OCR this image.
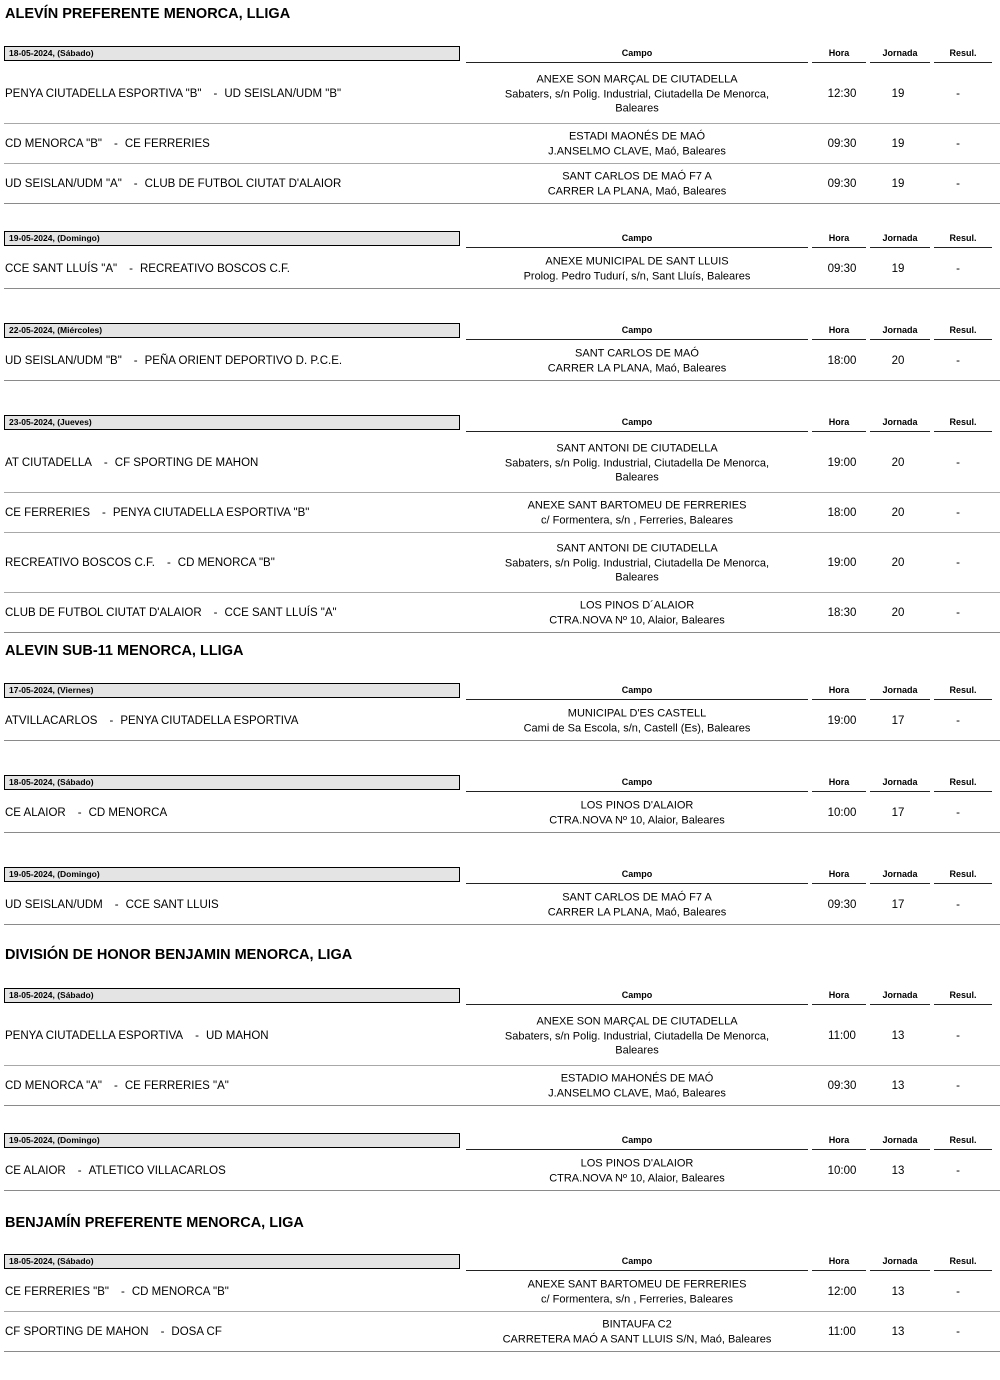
ALEVÍN PREFERENTE MENORCA, LLIGA
18-05-2024, (Sábado)	Campo	Hora	Jornada	Resul.
PENYA CIUTADELLA ESPORTIVA "B" - UD SEISLAN/UDM "B"
ANEXE SON MARÇAL DE CIUTADELLA
Sabaters, s/n Polig. Industrial, Ciutadella De Menorca,
Baleares
12:30	19	-
CD MENORCA "B" - CE FERRERIES
ESTADI MAONÉS DE MAÓ
J.ANSELMO CLAVE, Maó, Baleares
09:30	19	-
UD SEISLAN/UDM "A" - CLUB DE FUTBOL CIUTAT D'ALAIOR
SANT CARLOS DE MAÓ F7 A
CARRER LA PLANA, Maó, Baleares
09:30	19	-
19-05-2024, (Domingo)	Campo	Hora	Jornada	Resul.
CCE SANT LLUÍS "A" - RECREATIVO BOSCOS C.F.
ANEXE MUNICIPAL DE SANT LLUIS
Prolog. Pedro Tudurí, s/n, Sant Lluís, Baleares
09:30	19	-
22-05-2024, (Miércoles)	Campo	Hora	Jornada	Resul.
UD SEISLAN/UDM "B" - PEÑA ORIENT DEPORTIVO D. P.C.E.
SANT CARLOS DE MAÓ
CARRER LA PLANA, Maó, Baleares
18:00	20	-
23-05-2024, (Jueves)	Campo	Hora	Jornada	Resul.
AT CIUTADELLA - CF SPORTING DE MAHON
SANT ANTONI DE CIUTADELLA
Sabaters, s/n Polig. Industrial, Ciutadella De Menorca,
Baleares
19:00	20	-
CE FERRERIES - PENYA CIUTADELLA ESPORTIVA "B"
ANEXE SANT BARTOMEU DE FERRERIES
c/ Formentera, s/n , Ferreries, Baleares
18:00	20	-
RECREATIVO BOSCOS C.F. - CD MENORCA "B"
SANT ANTONI DE CIUTADELLA
Sabaters, s/n Polig. Industrial, Ciutadella De Menorca,
Baleares
19:00	20	-
CLUB DE FUTBOL CIUTAT D'ALAIOR - CCE SANT LLUÍS "A"
LOS PINOS D´ALAIOR
CTRA.NOVA Nº 10, Alaior, Baleares
18:30	20	-
ALEVIN SUB-11 MENORCA, LLIGA
17-05-2024, (Viernes)	Campo	Hora	Jornada	Resul.
ATVILLACARLOS - PENYA CIUTADELLA ESPORTIVA
MUNICIPAL D'ES CASTELL
Cami de Sa Escola, s/n, Castell (Es), Baleares
19:00	17	-
18-05-2024, (Sábado)	Campo	Hora	Jornada	Resul.
CE ALAIOR - CD MENORCA
LOS PINOS D'ALAIOR
CTRA.NOVA Nº 10, Alaior, Baleares
10:00	17	-
19-05-2024, (Domingo)	Campo	Hora	Jornada	Resul.
UD SEISLAN/UDM - CCE SANT LLUIS
SANT CARLOS DE MAÓ F7 A
CARRER LA PLANA, Maó, Baleares
09:30	17	-
DIVISIÓN DE HONOR BENJAMIN MENORCA, LIGA
18-05-2024, (Sábado)	Campo	Hora	Jornada	Resul.
PENYA CIUTADELLA ESPORTIVA - UD MAHON
ANEXE SON MARÇAL DE CIUTADELLA
Sabaters, s/n Polig. Industrial, Ciutadella De Menorca,
Baleares
11:00	13	-
CD MENORCA "A" - CE FERRERIES "A"
ESTADIO MAHONÉS DE MAÓ
J.ANSELMO CLAVE, Maó, Baleares
09:30	13	-
19-05-2024, (Domingo)	Campo	Hora	Jornada	Resul.
CE ALAIOR - ATLETICO VILLACARLOS
LOS PINOS D'ALAIOR
CTRA.NOVA Nº 10, Alaior, Baleares
10:00	13	-
BENJAMÍN PREFERENTE MENORCA, LIGA
18-05-2024, (Sábado)	Campo	Hora	Jornada	Resul.
CE FERRERIES "B" - CD MENORCA "B"
ANEXE SANT BARTOMEU DE FERRERIES
c/ Formentera, s/n , Ferreries, Baleares
12:00	13	-
CF SPORTING DE MAHON - DOSA CF
BINTAUFA C2
CARRETERA MAÓ A SANT LLUIS S/N, Maó, Baleares
11:00	13	-
